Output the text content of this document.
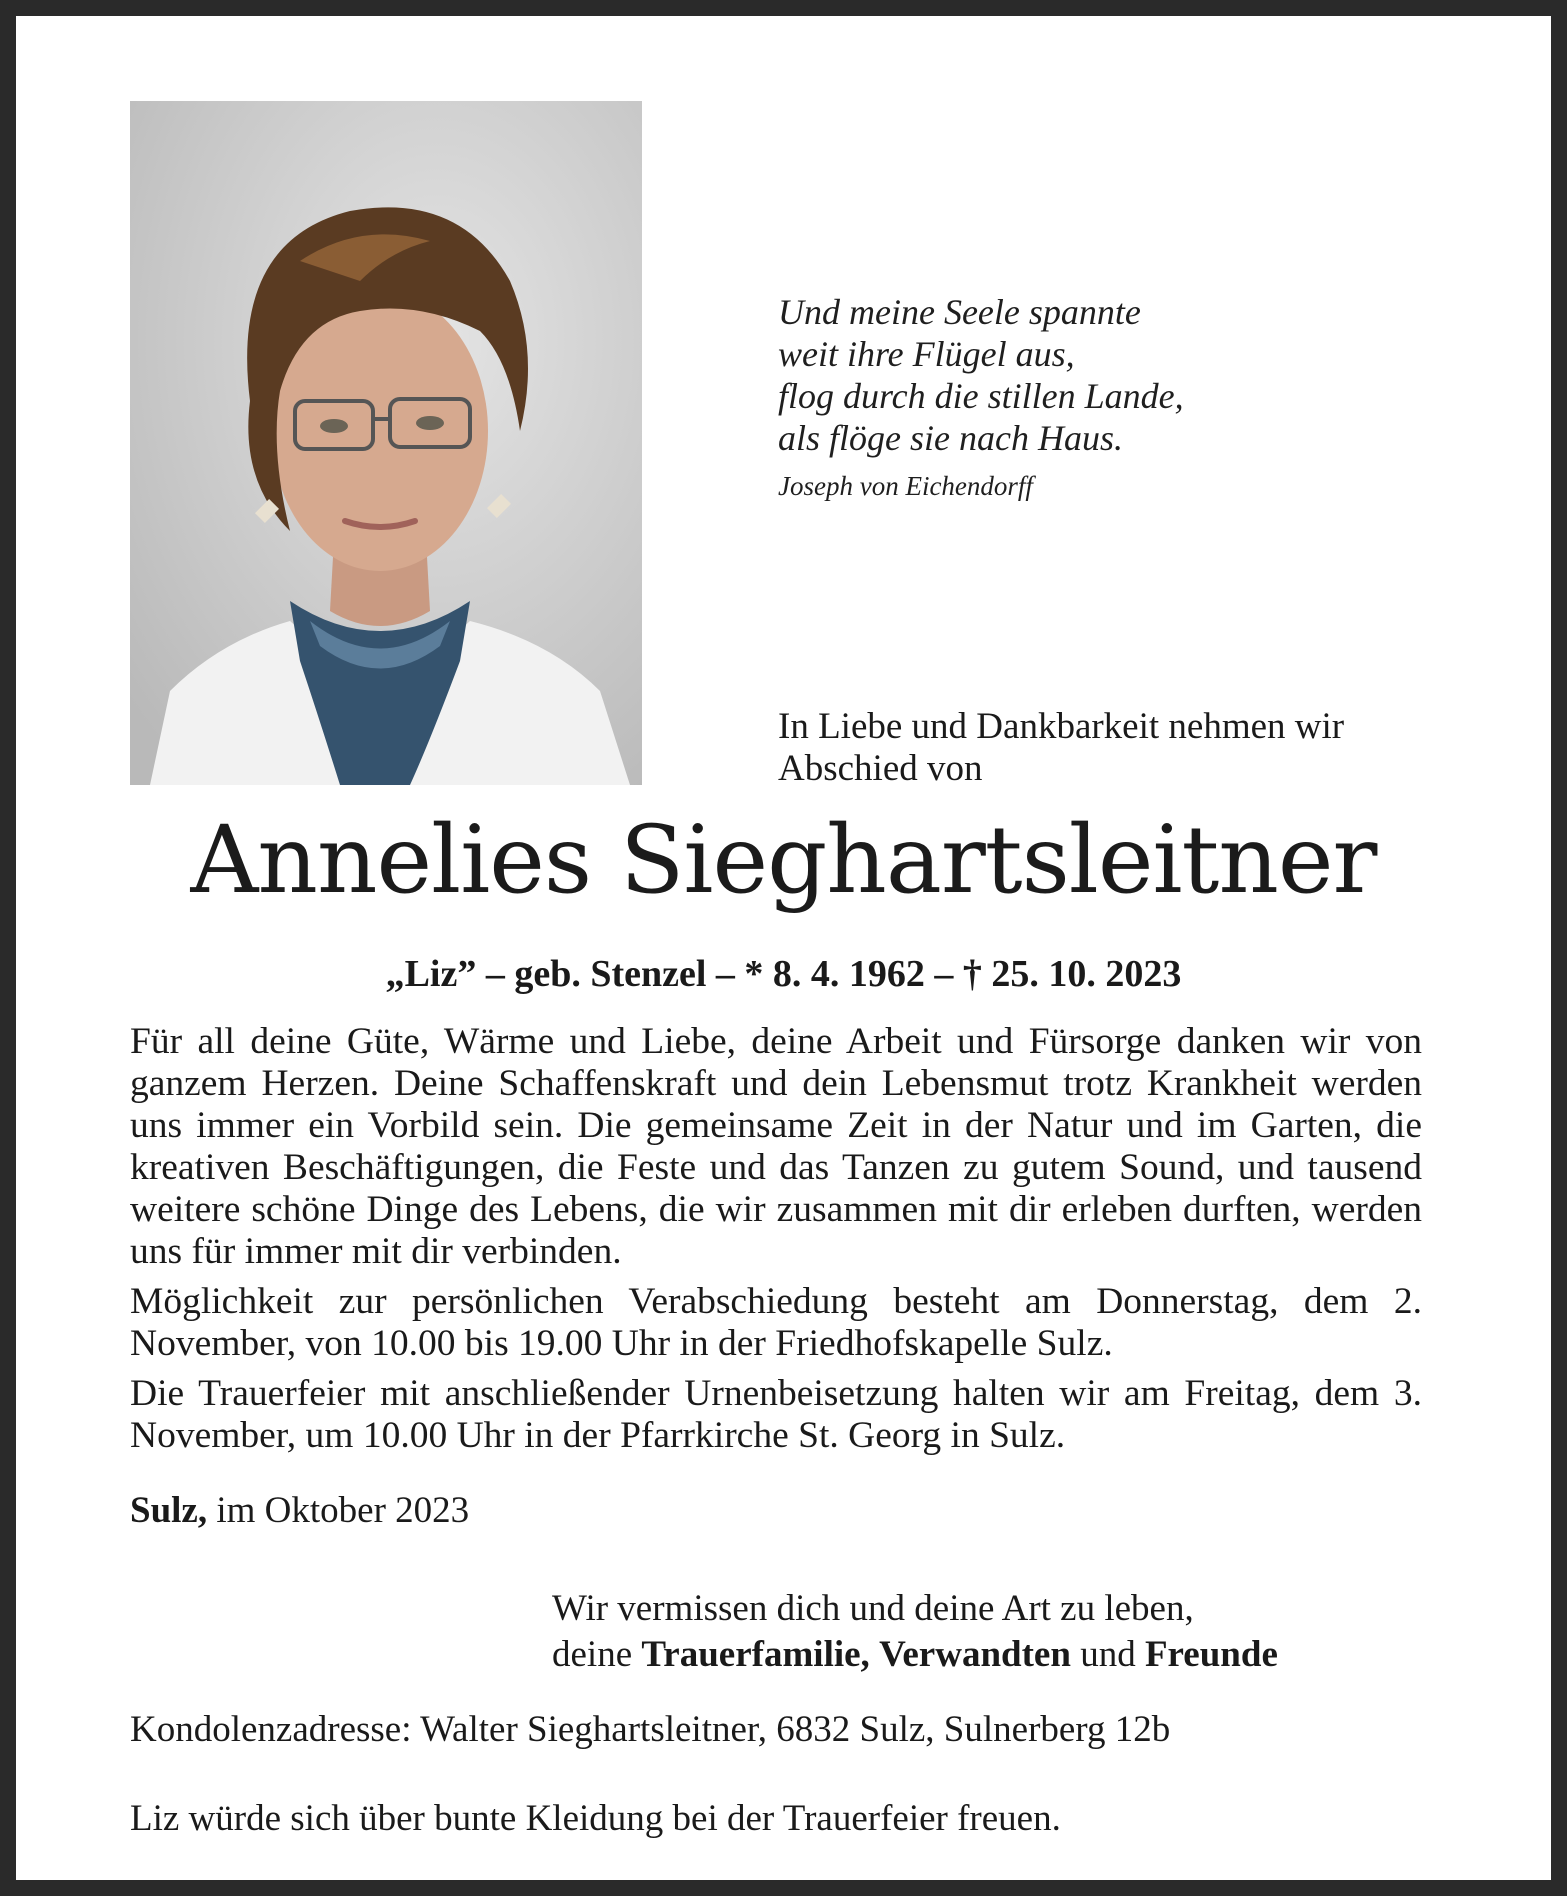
Und meine Seele spannte
weit ihre Flügel aus,
flog durch die stillen Lande,
als flöge sie nach Haus.
Joseph von Eichendorff
In Liebe und Dankbarkeit nehmen wir
Abschied von
Annelies Sieghartsleitner
„Liz” – geb. Stenzel – * 8. 4. 1962 – † 25. 10. 2023

Für all deine Güte, Wärme und Liebe, deine Arbeit und Fürsorge danken wir von ganzem Herzen. Deine Schaffenskraft und dein Lebensmut trotz Krankheit werden uns immer ein Vorbild sein. Die gemeinsame Zeit in der Natur und im Garten, die kreativen Beschäftigungen, die Feste und das Tanzen zu gutem Sound, und tausend weitere schöne Dinge des Lebens, die wir zusammen mit dir erleben durften, werden uns für immer mit dir verbinden.

Möglichkeit zur persönlichen Verabschiedung besteht am Donnerstag, dem 2. November, von 10.00 bis 19.00 Uhr in der Friedhofskapelle Sulz.

Die Trauerfeier mit anschließender Urnenbeisetzung halten wir am Freitag, dem 3. November, um 10.00 Uhr in der Pfarrkirche St. Georg in Sulz.

Sulz, im Oktober 2023
Wir vermissen dich und deine Art zu leben,
deine Trauerfamilie, Verwandten und Freunde
Kondolenzadresse: Walter Sieghartsleitner, 6832 Sulz, Sulnerberg 12b
Liz würde sich über bunte Kleidung bei der Trauerfeier freuen.
